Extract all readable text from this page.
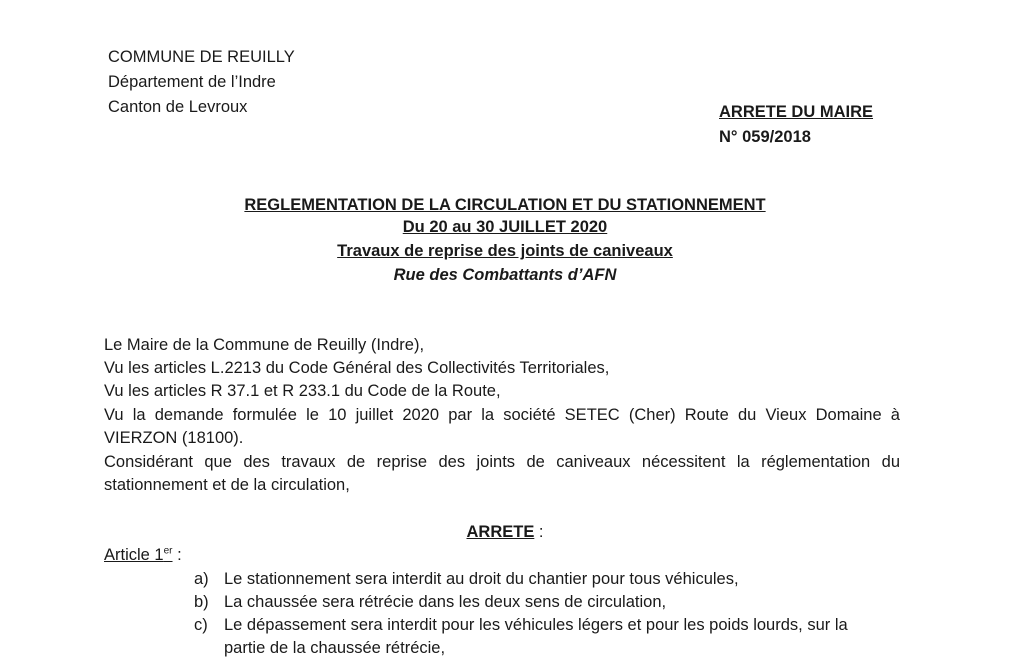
COMMUNE DE REUILLY
Département de l’Indre
Canton de Levroux	ARRETE DU MAIRE
N° 059/2018
REGLEMENTATION DE LA CIRCULATION ET DU STATIONNEMENT
Du 20 au 30 JUILLET 2020
Travaux de reprise des joints de caniveaux
Rue des Combattants d’AFN
Le Maire de la Commune de Reuilly (Indre),
Vu les articles L.2213 du Code Général des Collectivités Territoriales,
Vu les articles R 37.1 et R 233.1 du Code de la Route,
Vu la demande formulée le 10 juillet 2020 par la société SETEC (Cher) Route du Vieux Domaine à
VIERZON (18100).
Considérant que des travaux de reprise des joints de caniveaux nécessitent la réglementation du
stationnement et de la circulation,
ARRETE :
Article 1er :
a) Le stationnement sera interdit au droit du chantier pour tous véhicules,
b) La chaussée sera rétrécie dans les deux sens de circulation,
c) Le dépassement sera interdit pour les véhicules légers et pour les poids lourds, sur la
partie de la chaussée rétrécie,
